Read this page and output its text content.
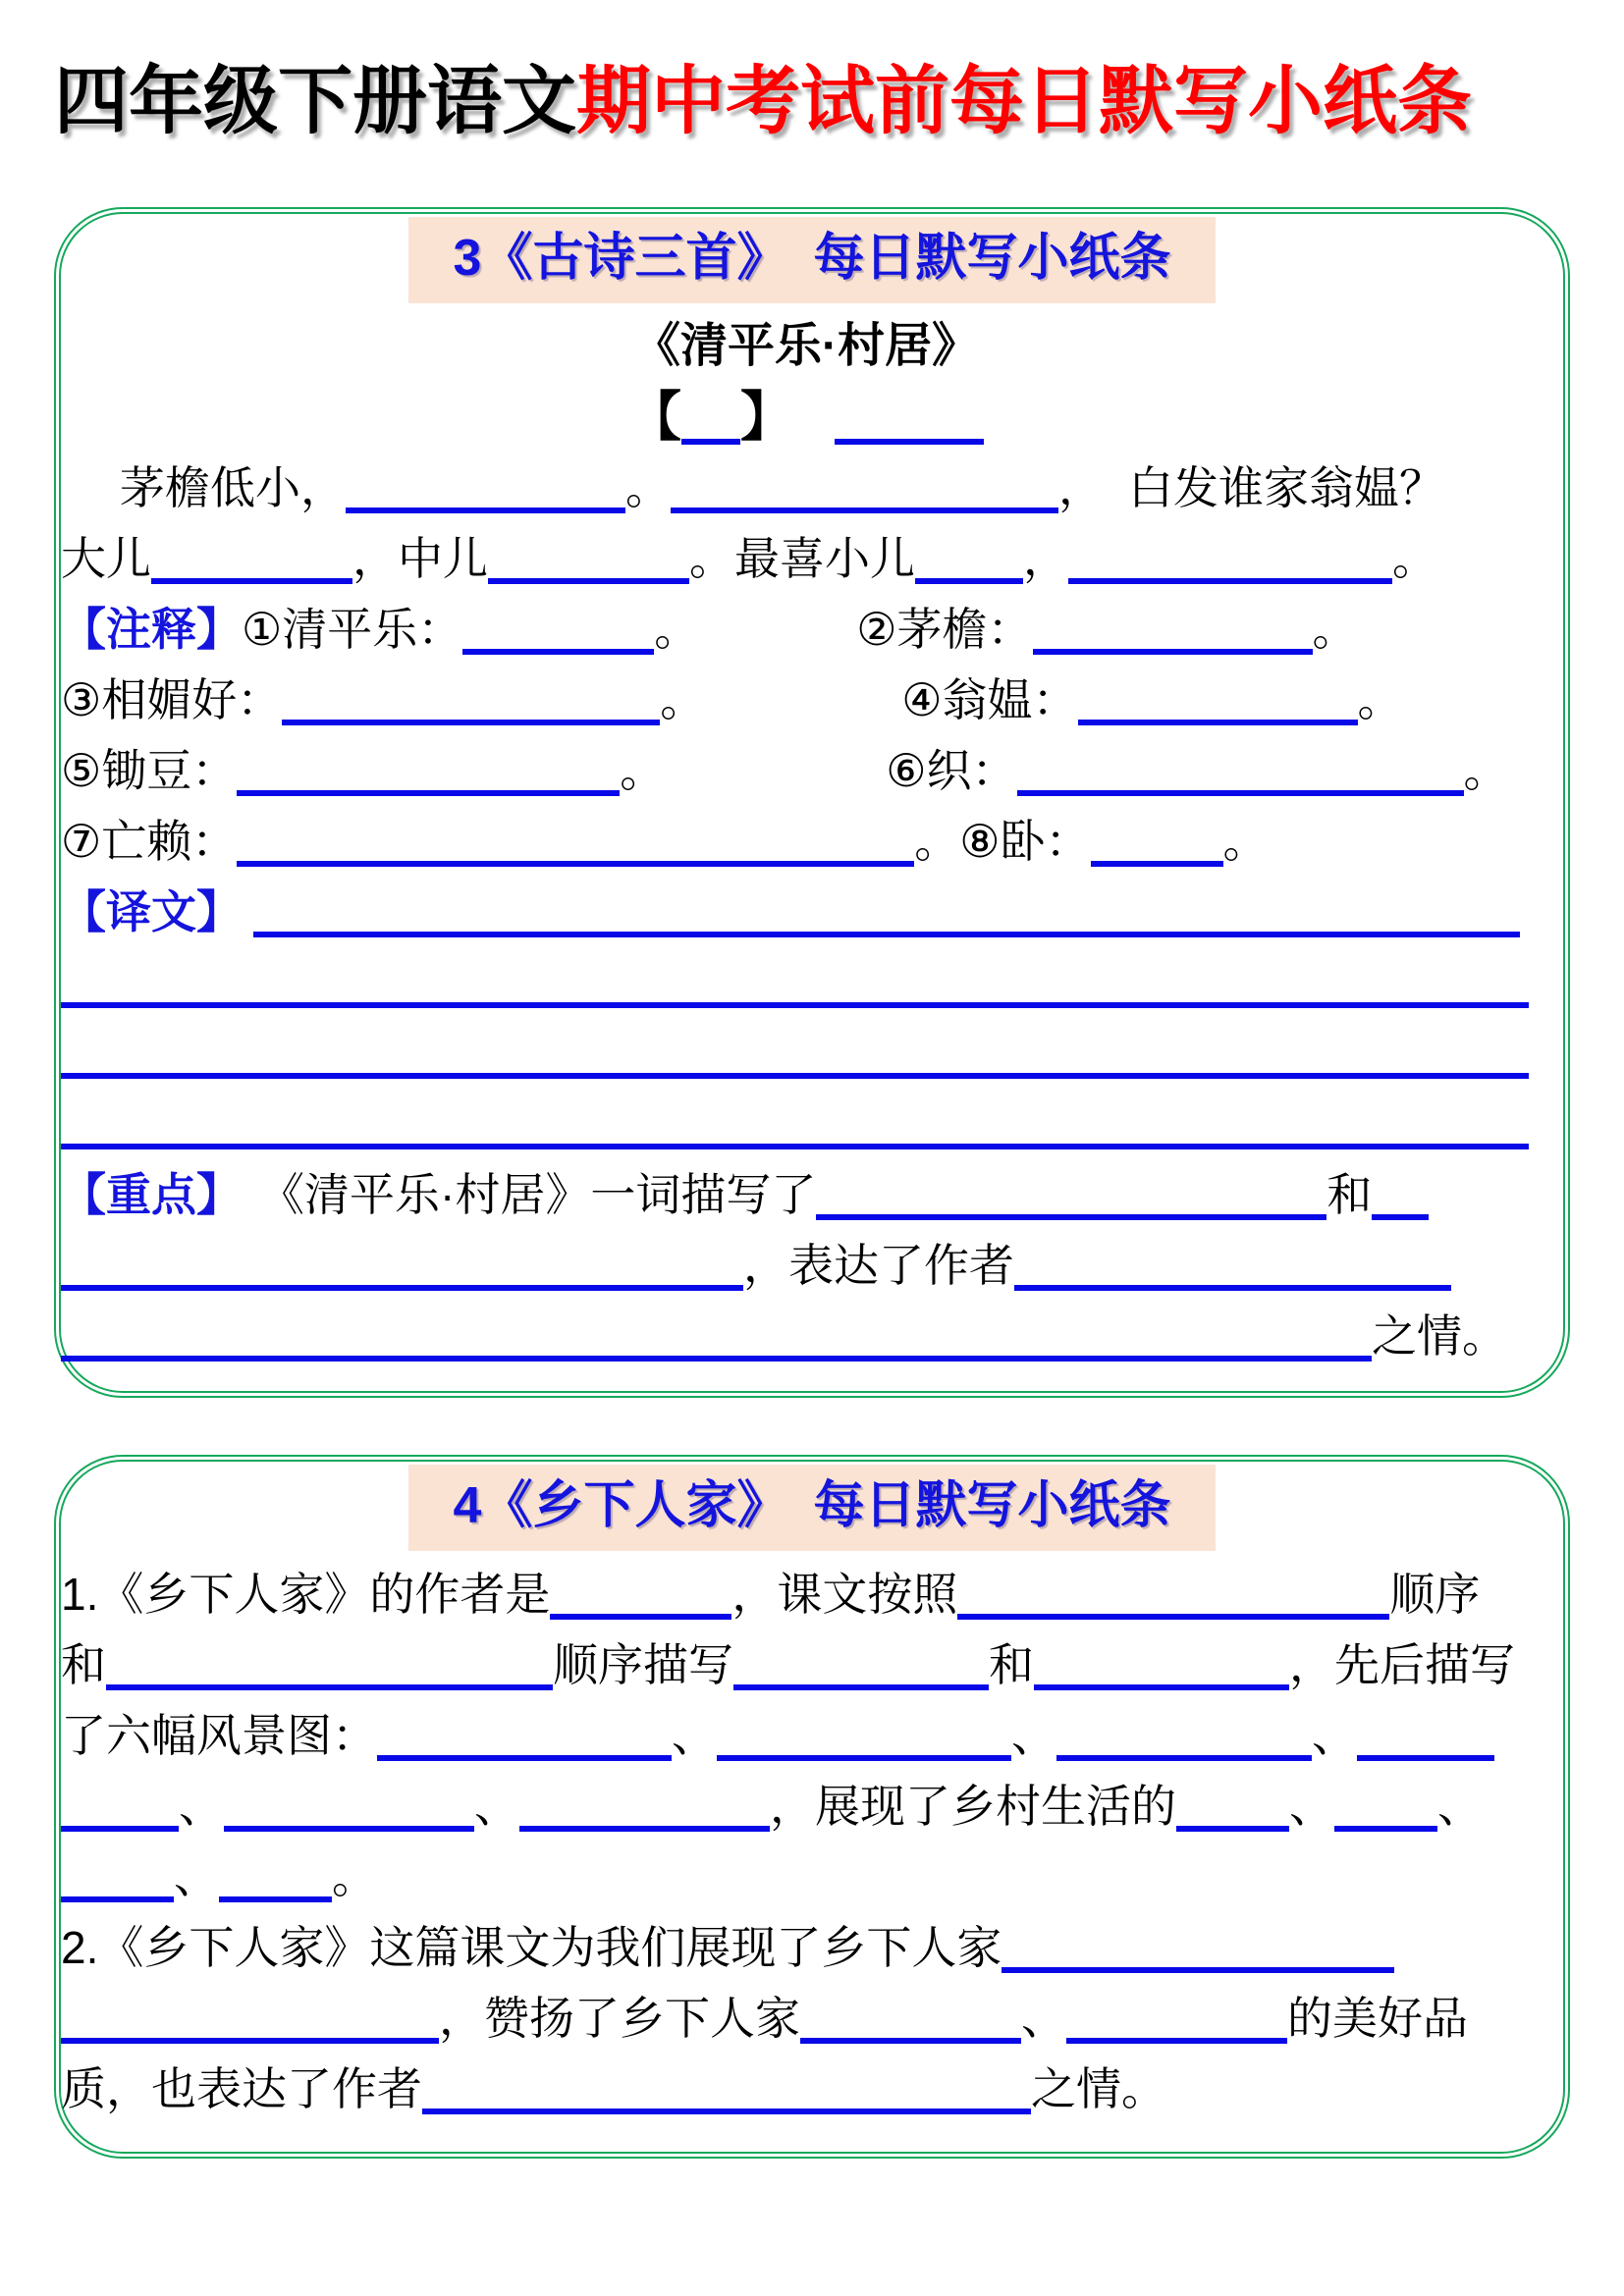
四年级下册语文期中考试前每日默写小纸条
3《古诗三首》　每日默写小纸条
《清平乐·村居》
【 】
茅檐低小，	。	， 白发谁家翁媪？
大儿	，中儿	。最喜小儿 ，	。
【注释】①清平乐：	。	②茅檐：	。
③相媚好：	。	④翁媪：	。
⑤锄豆：	。	⑥织：	。
⑦亡赖：	。⑧卧：	。
【译文】
【重点】 《清平乐·村居》一词描写了	和
，表达了作者
之情。
4《乡下人家》　每日默写小纸条
1.《乡下人家》的作者是	，课文按照	顺序
和	顺序描写	和	，先后描写
了六幅风景图：	、	、	、
、	、	，展现了乡村生活的	、 、
、	。
2.《乡下人家》这篇课文为我们展现了乡下人家
，赞扬了乡下人家	、	的美好品
质，也表达了作者	之情。
